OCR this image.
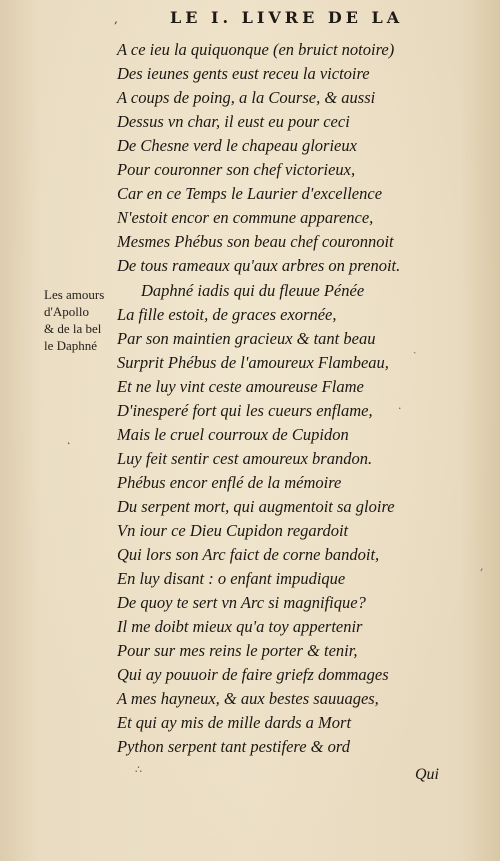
,	LE I. LIVRE DE LA
A ce ieu la quiquonque (en bruict notoire)
Des ieunes gents eust receu la victoire
A coups de poing, a la Course, & aussi
Dessus vn char, il eust eu pour ceci
De Chesne verd le chapeau glorieux
Pour couronner son chef victorieux,
Car en ce Temps le Laurier d'excellence
N'estoit encor en commune apparence,
Mesmes Phébus son beau chef couronnoit
De tous rameaux qu'aux arbres on prenoit.
Daphné iadis qui du fleuue Pénée
La fille estoit, de graces exornée,
Par son maintien gracieux & tant beau
Surprit Phébus de l'amoureux Flambeau,
Et ne luy vint ceste amoureuse Flame
D'inesperé fort qui les cueurs enflame,
Mais le cruel courroux de Cupidon
Luy feit sentir cest amoureux brandon.
Phébus encor enflé de la mémoire
Du serpent mort, qui augmentoit sa gloire
Vn iour ce Dieu Cupidon regardoit
Qui lors son Arc faict de corne bandoit,
En luy disant : o enfant impudique
De quoy te sert vn Arc si magnifique?
Il me doibt mieux qu'a toy appertenir
Pour sur mes reins le porter & tenir,
Qui ay pouuoir de faire griefz dommages
A mes hayneux, & aux bestes sauuages,
Et qui ay mis de mille dards a Mort
Python serpent tant pestifere & ord
Les amours
d'Apollo
& de la bel
le Daphné
Qui
∴
˛
·
ˎ
,
